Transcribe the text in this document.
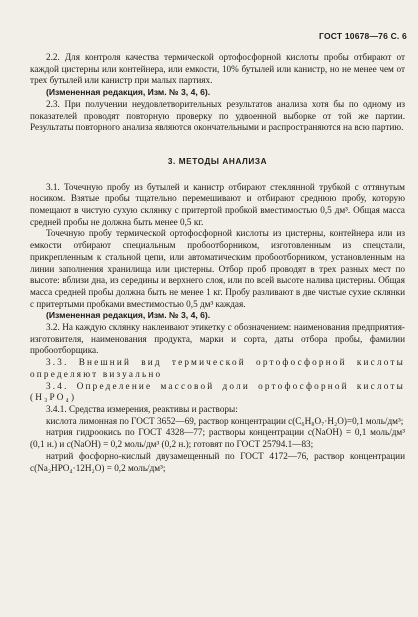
ГОСТ 10678—76 С. 6

2.2. Для контроля качества термической ортофосфорной кислоты пробы отбирают от каждой цистерны или контейнера, или емкости, 10% бутылей или канистр, но не менее чем от трех бутылей или канистр при малых партиях.

(Измененная редакция, Изм. № 3, 4, 6).

2.3. При получении неудовлетворительных результатов анализа хотя бы по одному из показателей проводят повторную проверку по удвоенной выборке от той же партии. Результаты повторного анализа являются окончательными и распространяются на всю партию.

3. МЕТОДЫ АНАЛИЗА

3.1. Точечную пробу из бутылей и канистр отбирают стеклянной трубкой с оттянутым носиком. Взятые пробы тщательно перемешивают и отбирают среднюю пробу, которую помещают в чистую сухую склянку с притертой пробкой вместимостью 0,5 дм³. Общая масса средней пробы не должна быть менее 0,5 кг.

Точечную пробу термической ортофосфорной кислоты из цистерны, контейнера или из емкости отбирают специальным пробоотборником, изготовленным из спецстали, прикрепленным к стальной цепи, или автоматическим пробоотборником, установленным на линии заполнения хранилища или цистерны. Отбор проб проводят в трех разных мест по высоте: вблизи дна, из середины и верхнего слоя, или по всей высоте налива цистерны. Общая масса средней пробы должна быть не менее 1 кг. Пробу разливают в две чистые сухие склянки с притертыми пробками вместимостью 0,5 дм³ каждая.

(Измененная редакция, Изм. № 3, 4, 6).

3.2. На каждую склянку наклеивают этикетку с обозначением: наименования предприятия-изготовителя, наименования продукта, марки и сорта, даты отбора пробы, фамилии пробоотборщика.

3.3. Внешний вид термической ортофосфорной кислоты определяют визуально

3.4. Определение массовой доли ортофосфорной кислоты (H₃PO₄)

3.4.1. Средства измерения, реактивы и растворы:

кислота лимонная по ГОСТ 3652—69, раствор концентрации c(C₆H₈O₇·H₂O)=0,1 моль/дм³;

натрия гидроокись по ГОСТ 4328—77; растворы концентрации c(NaOH) = 0,1 моль/дм³ (0,1 н.) и c(NaOH) = 0,2 моль/дм³ (0,2 н.); готовят по ГОСТ 25794.1—83;

натрий фосфорно-кислый двузамещенный по ГОСТ 4172—76, раствор концентрации c(Na₂HPO₄·12H₂O) = 0,2 моль/дм³;
